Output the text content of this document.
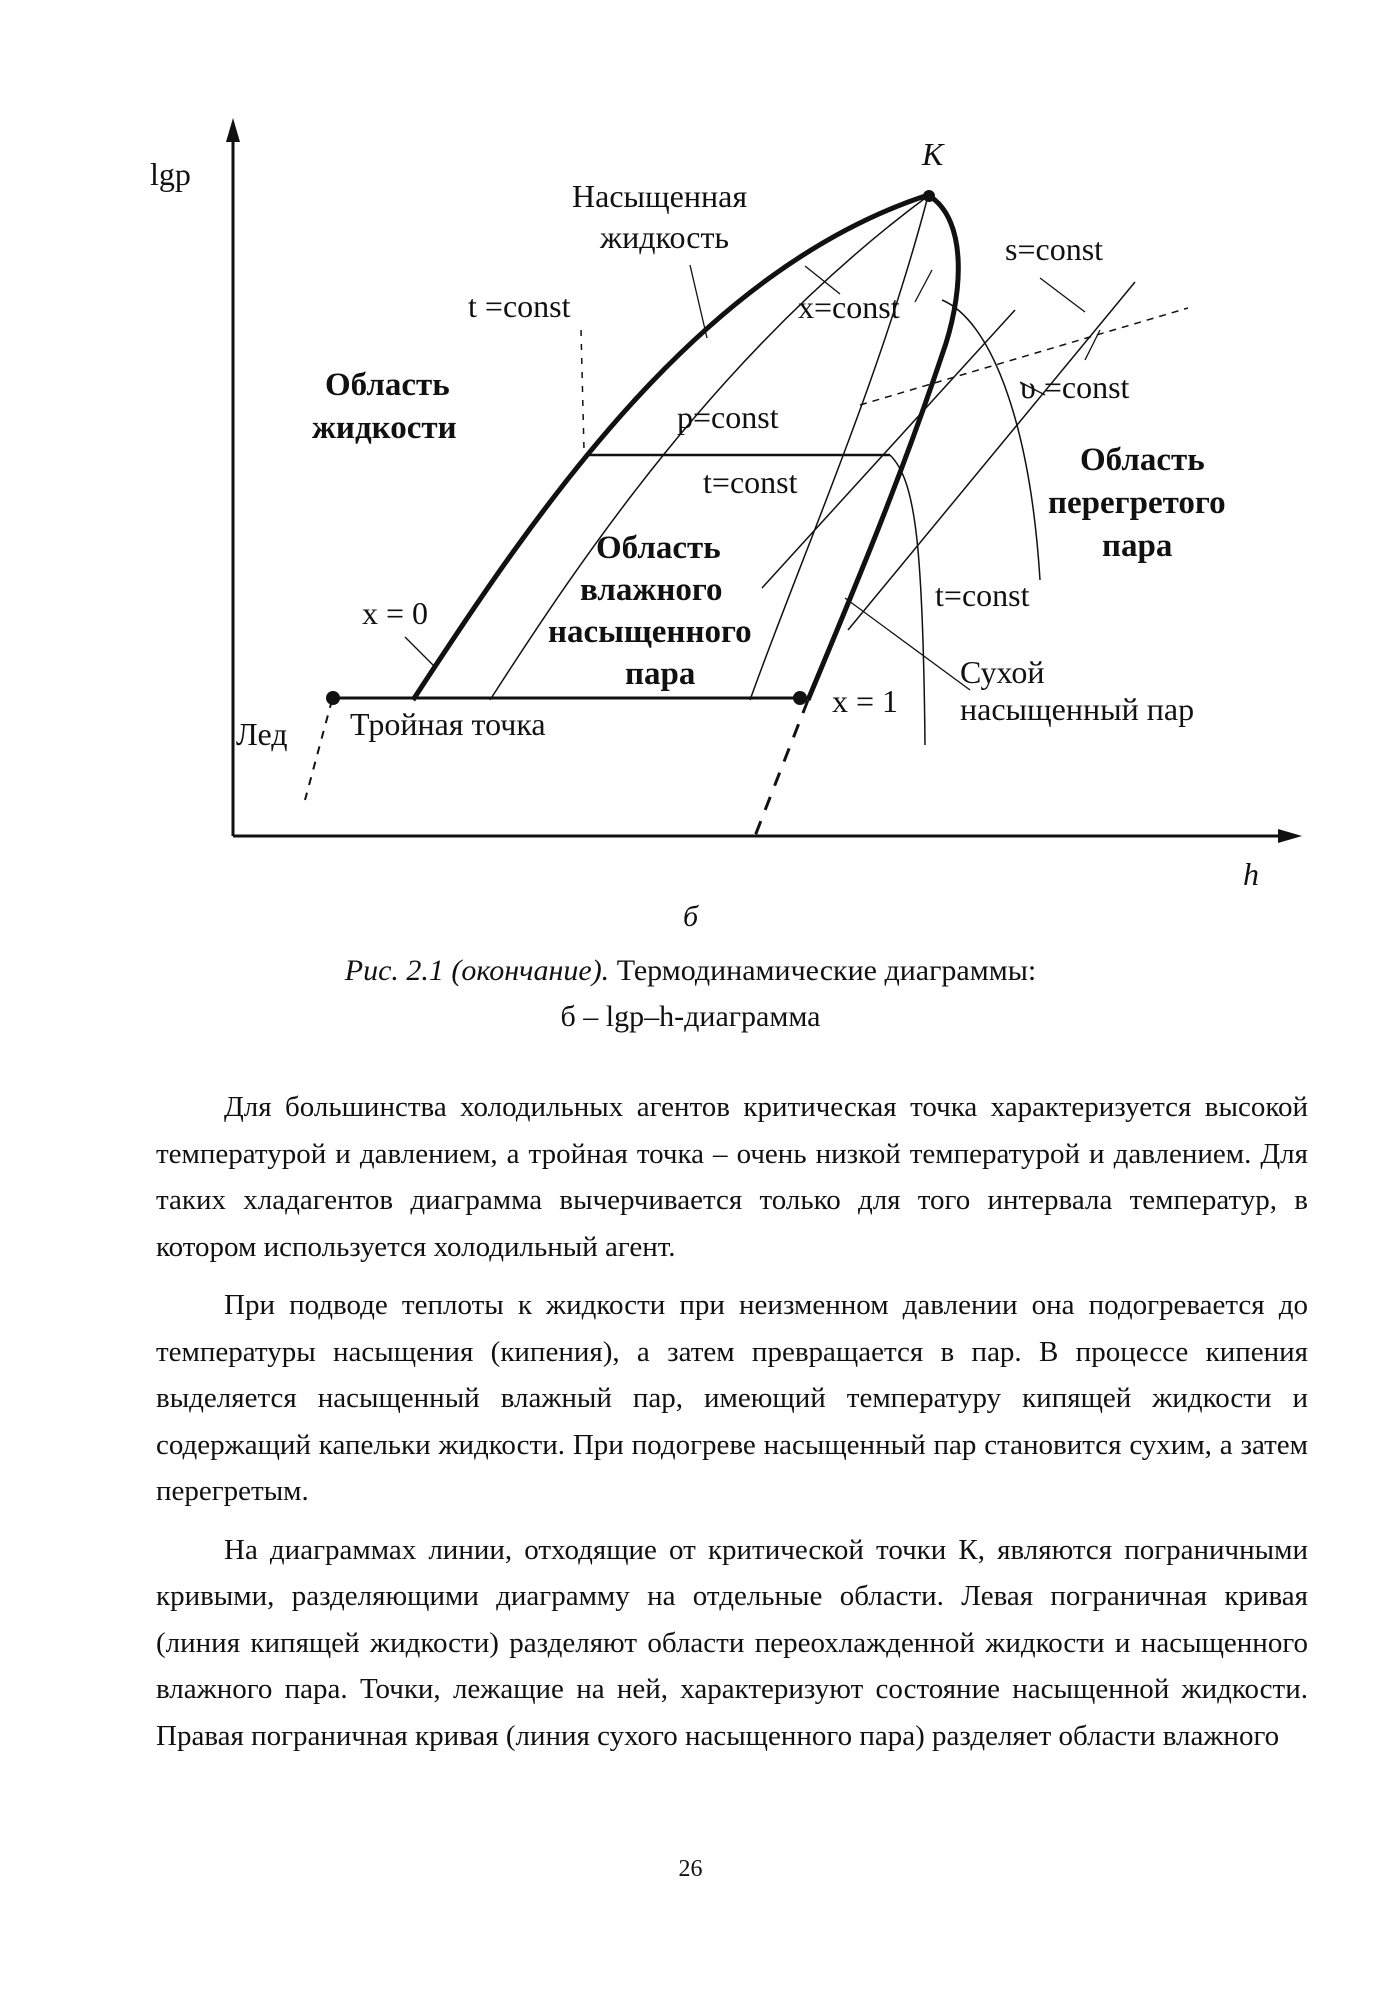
lgp
h
K
Насыщенная
жидкость
t =const	x=const
s=const
υ =const
p=const
t=const
t=const
x = 0
x = 1
Лед Тройная точка
Сухой
насыщенный пар
Область
жидкости
Область
влажного
насыщенного
пара
Область
перегретого
пара
б
Рис. 2.1 (окончание). Термодинамические диаграммы:
б – lgp–h-диаграмма

Для большинства холодильных агентов критическая точка характеризуется высокой температурой и давлением, а тройная точка – очень низкой температурой и давлением. Для таких хладагентов диаграмма вычерчивается только для того интервала температур, в котором используется холодильный агент.

При подводе теплоты к жидкости при неизменном давлении она подогревается до температуры насыщения (кипения), а затем превращается в пар. В процессе кипения выделяется насыщенный влажный пар, имеющий температуру кипящей жидкости и содержащий капельки жидкости. При подогреве насыщенный пар становится сухим, а затем перегретым.

На диаграммах линии, отходящие от критической точки К, являются пограничными кривыми, разделяющими диаграмму на отдельные области. Левая пограничная кривая (линия кипящей жидкости) разделяют области переохлажденной жидкости и насыщенного влажного пара. Точки, лежащие на ней, характеризуют состояние насыщенной жидкости. Правая пограничная кривая (линия сухого насыщенного пара) разделяет области влажного

26
